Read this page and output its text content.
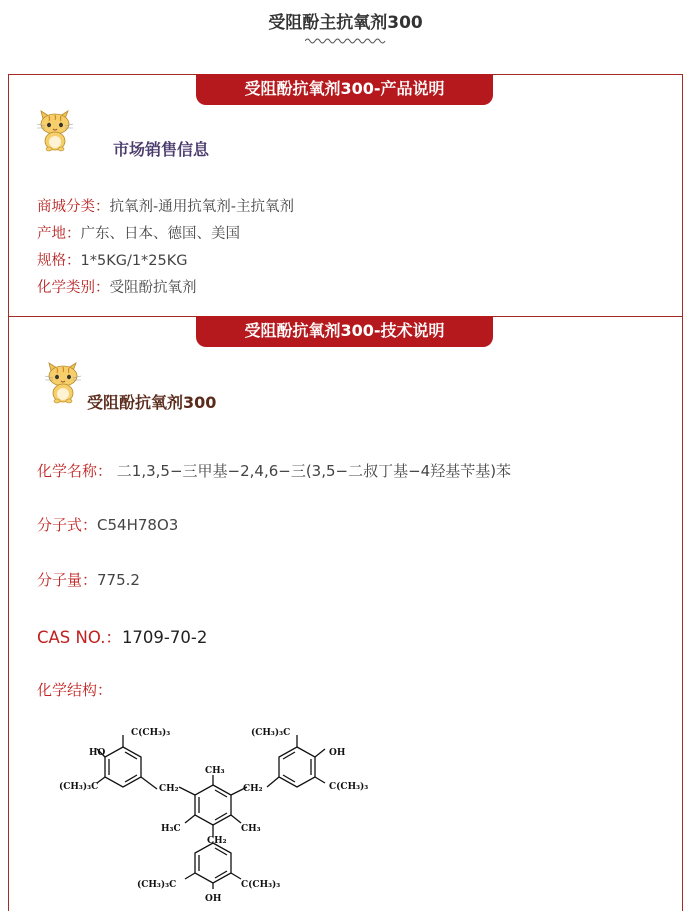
受阻酚主抗氧剂300
受阻酚抗氧剂300-产品说明
市场销售信息
商城分类：抗氧剂-通用抗氧剂-主抗氧剂
产地：广东、日本、德国、美国
规格：1*5KG/1*25KG
化学类别：受阻酚抗氧剂
受阻酚抗氧剂300-技术说明
受阻酚抗氧剂300
化学名称： 二1,3,5−三甲基−2,4,6−三(3,5−二叔丁基−4羟基苄基)苯
分子式：C54H78O3
分子量：775.2
CAS NO.：1709-70-2
化学结构：
HO
C(CH₃)₃
(CH₃)₃C	CH₂
(CH₃)₃C
OH
C(CH₃)₃
CH₂
CH₃
H₃C	CH₃
CH₂
(CH₃)₃C	C(CH₃)₃
OH
